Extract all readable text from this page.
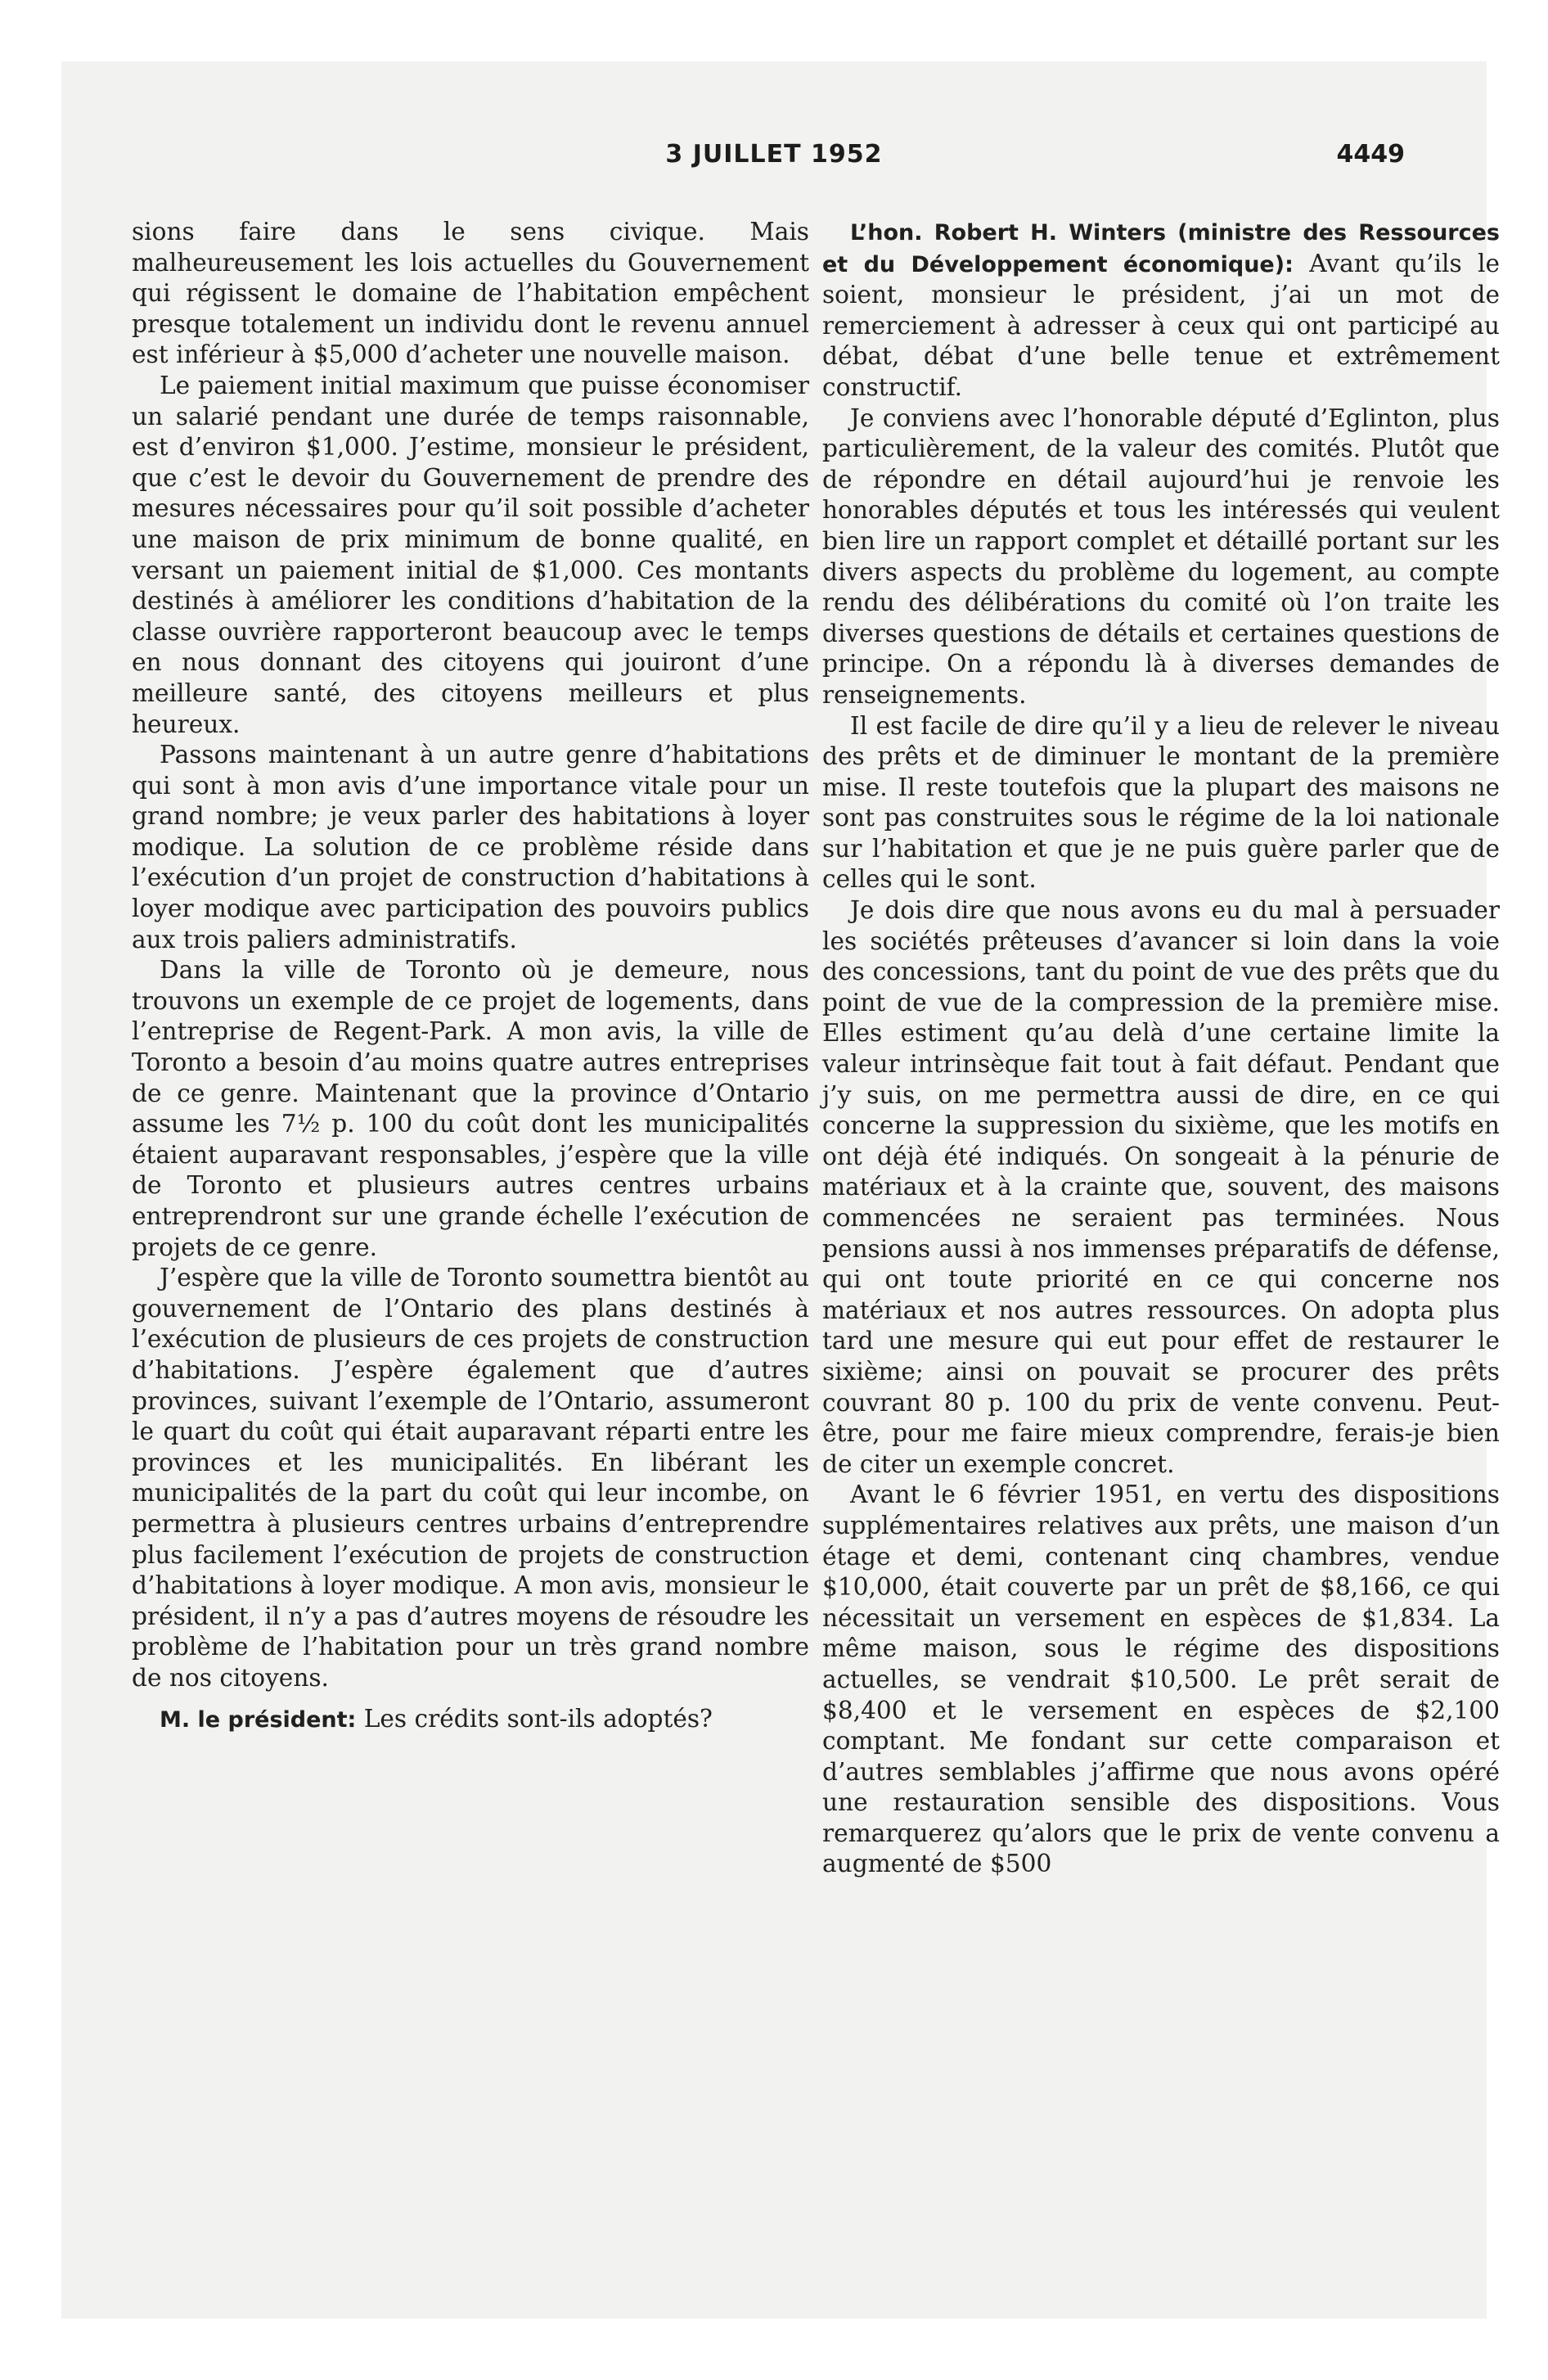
3 JUILLET 1952	4449

sions faire dans le sens civique. Mais malheureusement les lois actuelles du Gouvernement qui régissent le domaine de l’habitation empêchent presque totalement un individu dont le revenu annuel est inférieur à $5,000 d’acheter une nouvelle maison.

Le paiement initial maximum que puisse économiser un salarié pendant une durée de temps raisonnable, est d’environ $1,000. J’estime, monsieur le président, que c’est le devoir du Gouvernement de prendre des mesures nécessaires pour qu’il soit possible d’acheter une maison de prix minimum de bonne qualité, en versant un paiement initial de $1,000. Ces montants destinés à améliorer les conditions d’habitation de la classe ouvrière rapporteront beaucoup avec le temps en nous donnant des citoyens qui jouiront d’une meilleure santé, des citoyens meilleurs et plus heureux.

Passons maintenant à un autre genre d’habitations qui sont à mon avis d’une importance vitale pour un grand nombre; je veux parler des habitations à loyer modique. La solution de ce problème réside dans l’exécution d’un projet de construction d’habitations à loyer modique avec participation des pouvoirs publics aux trois paliers administratifs.

Dans la ville de Toronto où je demeure, nous trouvons un exemple de ce projet de logements, dans l’entreprise de Regent-Park. A mon avis, la ville de Toronto a besoin d’au moins quatre autres entreprises de ce genre. Maintenant que la province d’Ontario assume les 7½ p. 100 du coût dont les municipalités étaient auparavant responsables, j’espère que la ville de Toronto et plusieurs autres centres urbains entreprendront sur une grande échelle l’exécution de projets de ce genre.

J’espère que la ville de Toronto soumettra bientôt au gouvernement de l’Ontario des plans destinés à l’exécution de plusieurs de ces projets de construction d’habitations. J’espère également que d’autres provinces, suivant l’exemple de l’Ontario, assumeront le quart du coût qui était auparavant réparti entre les provinces et les municipalités. En libérant les municipalités de la part du coût qui leur incombe, on permettra à plusieurs centres urbains d’entreprendre plus facilement l’exécution de projets de construction d’habitations à loyer modique. A mon avis, monsieur le président, il n’y a pas d’autres moyens de résoudre les problème de l’habitation pour un très grand nombre de nos citoyens.

M. le président: Les crédits sont-ils adoptés?

L’hon. Robert H. Winters (ministre des Ressources et du Développement économique): Avant qu’ils le soient, monsieur le président, j’ai un mot de remerciement à adresser à ceux qui ont participé au débat, débat d’une belle tenue et extrêmement constructif.

Je conviens avec l’honorable député d’Eglinton, plus particulièrement, de la valeur des comités. Plutôt que de répondre en détail aujourd’hui je renvoie les honorables députés et tous les intéressés qui veulent bien lire un rapport complet et détaillé portant sur les divers aspects du problème du logement, au compte rendu des délibérations du comité où l’on traite les diverses questions de détails et certaines questions de principe. On a répondu là à diverses demandes de renseignements.

Il est facile de dire qu’il y a lieu de relever le niveau des prêts et de diminuer le montant de la première mise. Il reste toutefois que la plupart des maisons ne sont pas construites sous le régime de la loi nationale sur l’habitation et que je ne puis guère parler que de celles qui le sont.

Je dois dire que nous avons eu du mal à persuader les sociétés prêteuses d’avancer si loin dans la voie des concessions, tant du point de vue des prêts que du point de vue de la compression de la première mise. Elles estiment qu’au delà d’une certaine limite la valeur intrinsèque fait tout à fait défaut. Pendant que j’y suis, on me permettra aussi de dire, en ce qui concerne la suppression du sixième, que les motifs en ont déjà été indiqués. On songeait à la pénurie de matériaux et à la crainte que, souvent, des maisons commencées ne seraient pas terminées. Nous pensions aussi à nos immenses préparatifs de défense, qui ont toute priorité en ce qui concerne nos matériaux et nos autres ressources. On adopta plus tard une mesure qui eut pour effet de restaurer le sixième; ainsi on pouvait se procurer des prêts couvrant 80 p. 100 du prix de vente convenu. Peut-être, pour me faire mieux comprendre, ferais-je bien de citer un exemple concret.

Avant le 6 février 1951, en vertu des dispositions supplémentaires relatives aux prêts, une maison d’un étage et demi, contenant cinq chambres, vendue $10,000, était couverte par un prêt de $8,166, ce qui nécessitait un versement en espèces de $1,834. La même maison, sous le régime des dispositions actuelles, se vendrait $10,500. Le prêt serait de $8,400 et le versement en espèces de $2,100 comptant. Me fondant sur cette comparaison et d’autres semblables j’affirme que nous avons opéré une restauration sensible des dispositions. Vous remarquerez qu’alors que le prix de vente convenu a augmenté de $500
